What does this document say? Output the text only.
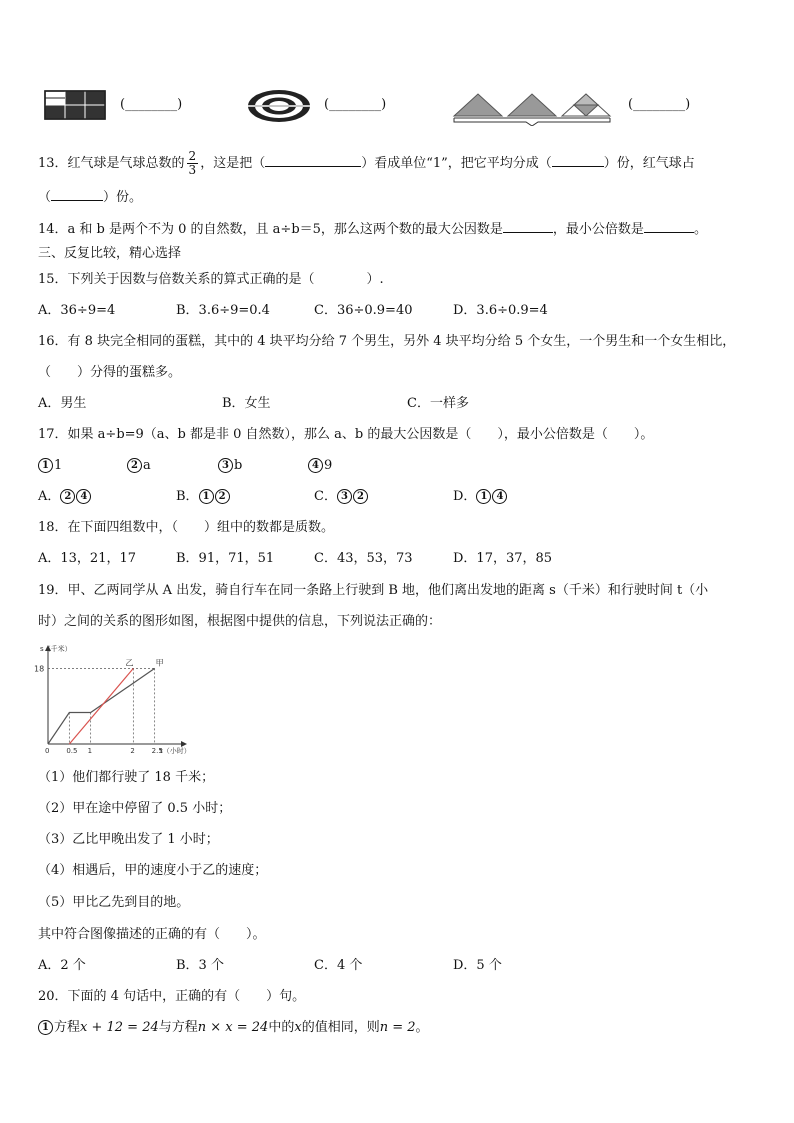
(________)	(________)	(________)
13．红气球是气球总数的 $\frac{2}{3}$ ，这是把（	）看成单位“1”，把它平均分成（	）份，红气球占
（	）份。
14．a 和 b 是两个不为 0 的自然数，且 a÷b＝5，那么这两个数的最大公因数是	，最小公倍数是	。
三、反复比较，精心选择
15．下列关于因数与倍数关系的算式正确的是（　　　　）.
A．36÷9=4	B．3.6÷9=0.4	C．36÷0.9=40	D．3.6÷0.9=4
16．有 8 块完全相同的蛋糕，其中的 4 块平均分给 7 个男生，另外 4 块平均分给 5 个女生，一个男生和一个女生相比，
（　　）分得的蛋糕多。
A．男生	B．女生	C．一样多
17．如果 a÷b=9（a、b 都是非 0 自然数），那么 a、b 的最大公因数是（　　），最小公倍数是（　　）。
1 1	2 a	3 b	4 9
A． 2 4	B． 1 2	C． 3 2	D． 1 4
18．在下面四组数中，（　　）组中的数都是质数。
A．13，21，17	B．91，71，51	C．43，53，73	D．17，37，85
19．甲、乙两同学从 A 出发，骑自行车在同一条路上行驶到 B 地，他们离出发地的距离 s（千米）和行驶时间 t（小
时）之间的关系的图形如图，根据图中提供的信息，下列说法正确的：
s（千米）
t（小时）
0 0.5 1	2 2.5
18
甲
乙
（1）他们都行驶了 18 千米；
（2）甲在途中停留了 0.5 小时；
（3）乙比甲晚出发了 1 小时；
（4）相遇后，甲的速度小于乙的速度；
（5）甲比乙先到目的地。
其中符合图像描述的正确的有（　　）。
A．2 个	B．3 个	C．4 个	D．5 个
20．下面的 4 句话中，正确的有（　　）句。
1 方程x + 12 = 24与方程n × x = 24中的x的值相同，则n = 2。
